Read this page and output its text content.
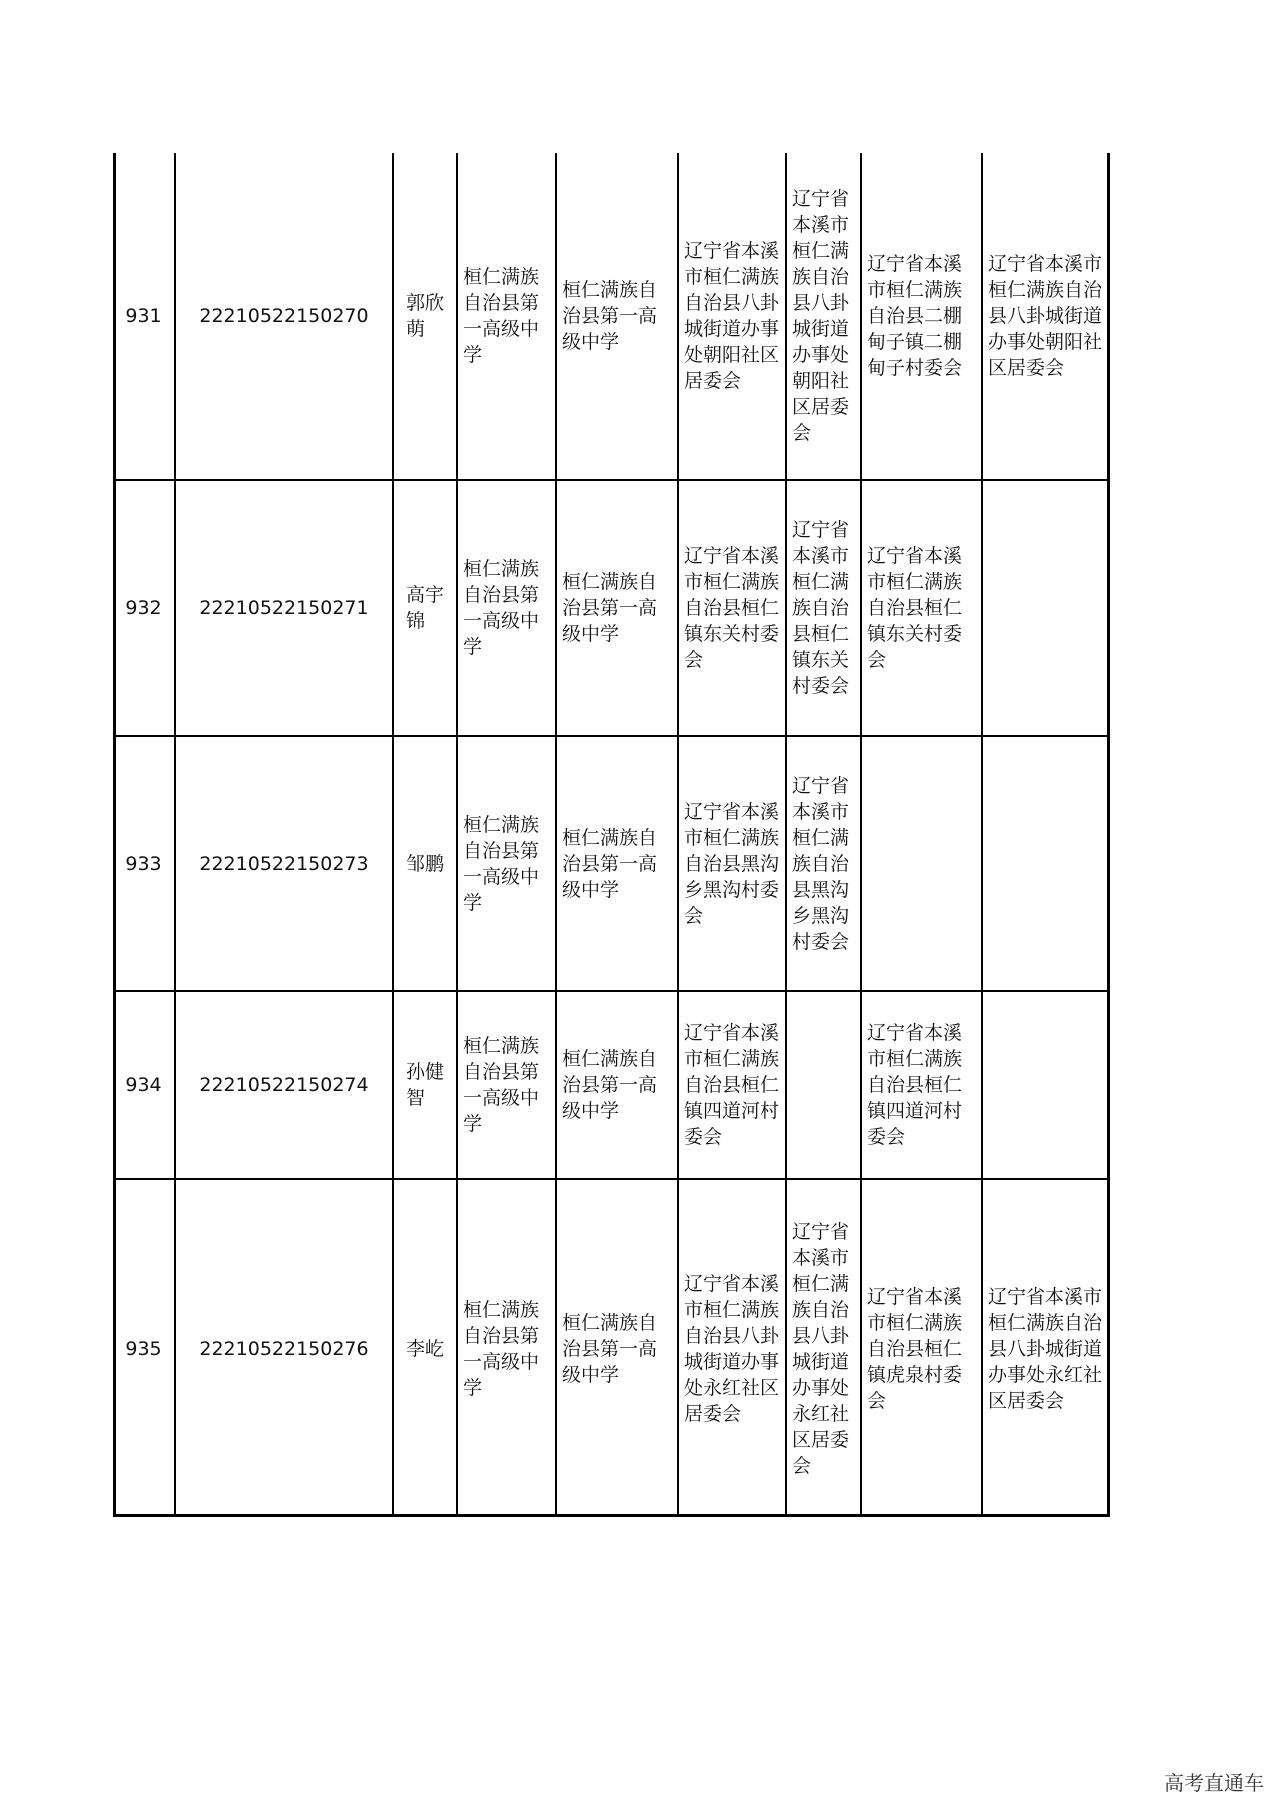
931	22210522150270	郭欣萌	桓仁满族自治县第一高级中学	桓仁满族自治县第一高级中学	辽宁省本溪市桓仁满族自治县八卦城街道办事处朝阳社区居委会	辽宁省本溪市桓仁满族自治县八卦城街道办事处朝阳社区居委会	辽宁省本溪市桓仁满族自治县二棚甸子镇二棚甸子村委会	辽宁省本溪市桓仁满族自治县八卦城街道办事处朝阳社区居委会
932	22210522150271	高宇锦	桓仁满族自治县第一高级中学	桓仁满族自治县第一高级中学	辽宁省本溪市桓仁满族自治县桓仁镇东关村委会	辽宁省本溪市桓仁满族自治县桓仁镇东关村委会	辽宁省本溪市桓仁满族自治县桓仁镇东关村委会	
933	22210522150273	邹鹏	桓仁满族自治县第一高级中学	桓仁满族自治县第一高级中学	辽宁省本溪市桓仁满族自治县黑沟乡黑沟村委会	辽宁省本溪市桓仁满族自治县黑沟乡黑沟村委会		
934	22210522150274	孙健智	桓仁满族自治县第一高级中学	桓仁满族自治县第一高级中学	辽宁省本溪市桓仁满族自治县桓仁镇四道河村委会		辽宁省本溪市桓仁满族自治县桓仁镇四道河村委会	
935	22210522150276	李屹	桓仁满族自治县第一高级中学	桓仁满族自治县第一高级中学	辽宁省本溪市桓仁满族自治县八卦城街道办事处永红社区居委会	辽宁省本溪市桓仁满族自治县八卦城街道办事处永红社区居委会	辽宁省本溪市桓仁满族自治县桓仁镇虎泉村委会	辽宁省本溪市桓仁满族自治县八卦城街道办事处永红社区居委会
高考直通车
